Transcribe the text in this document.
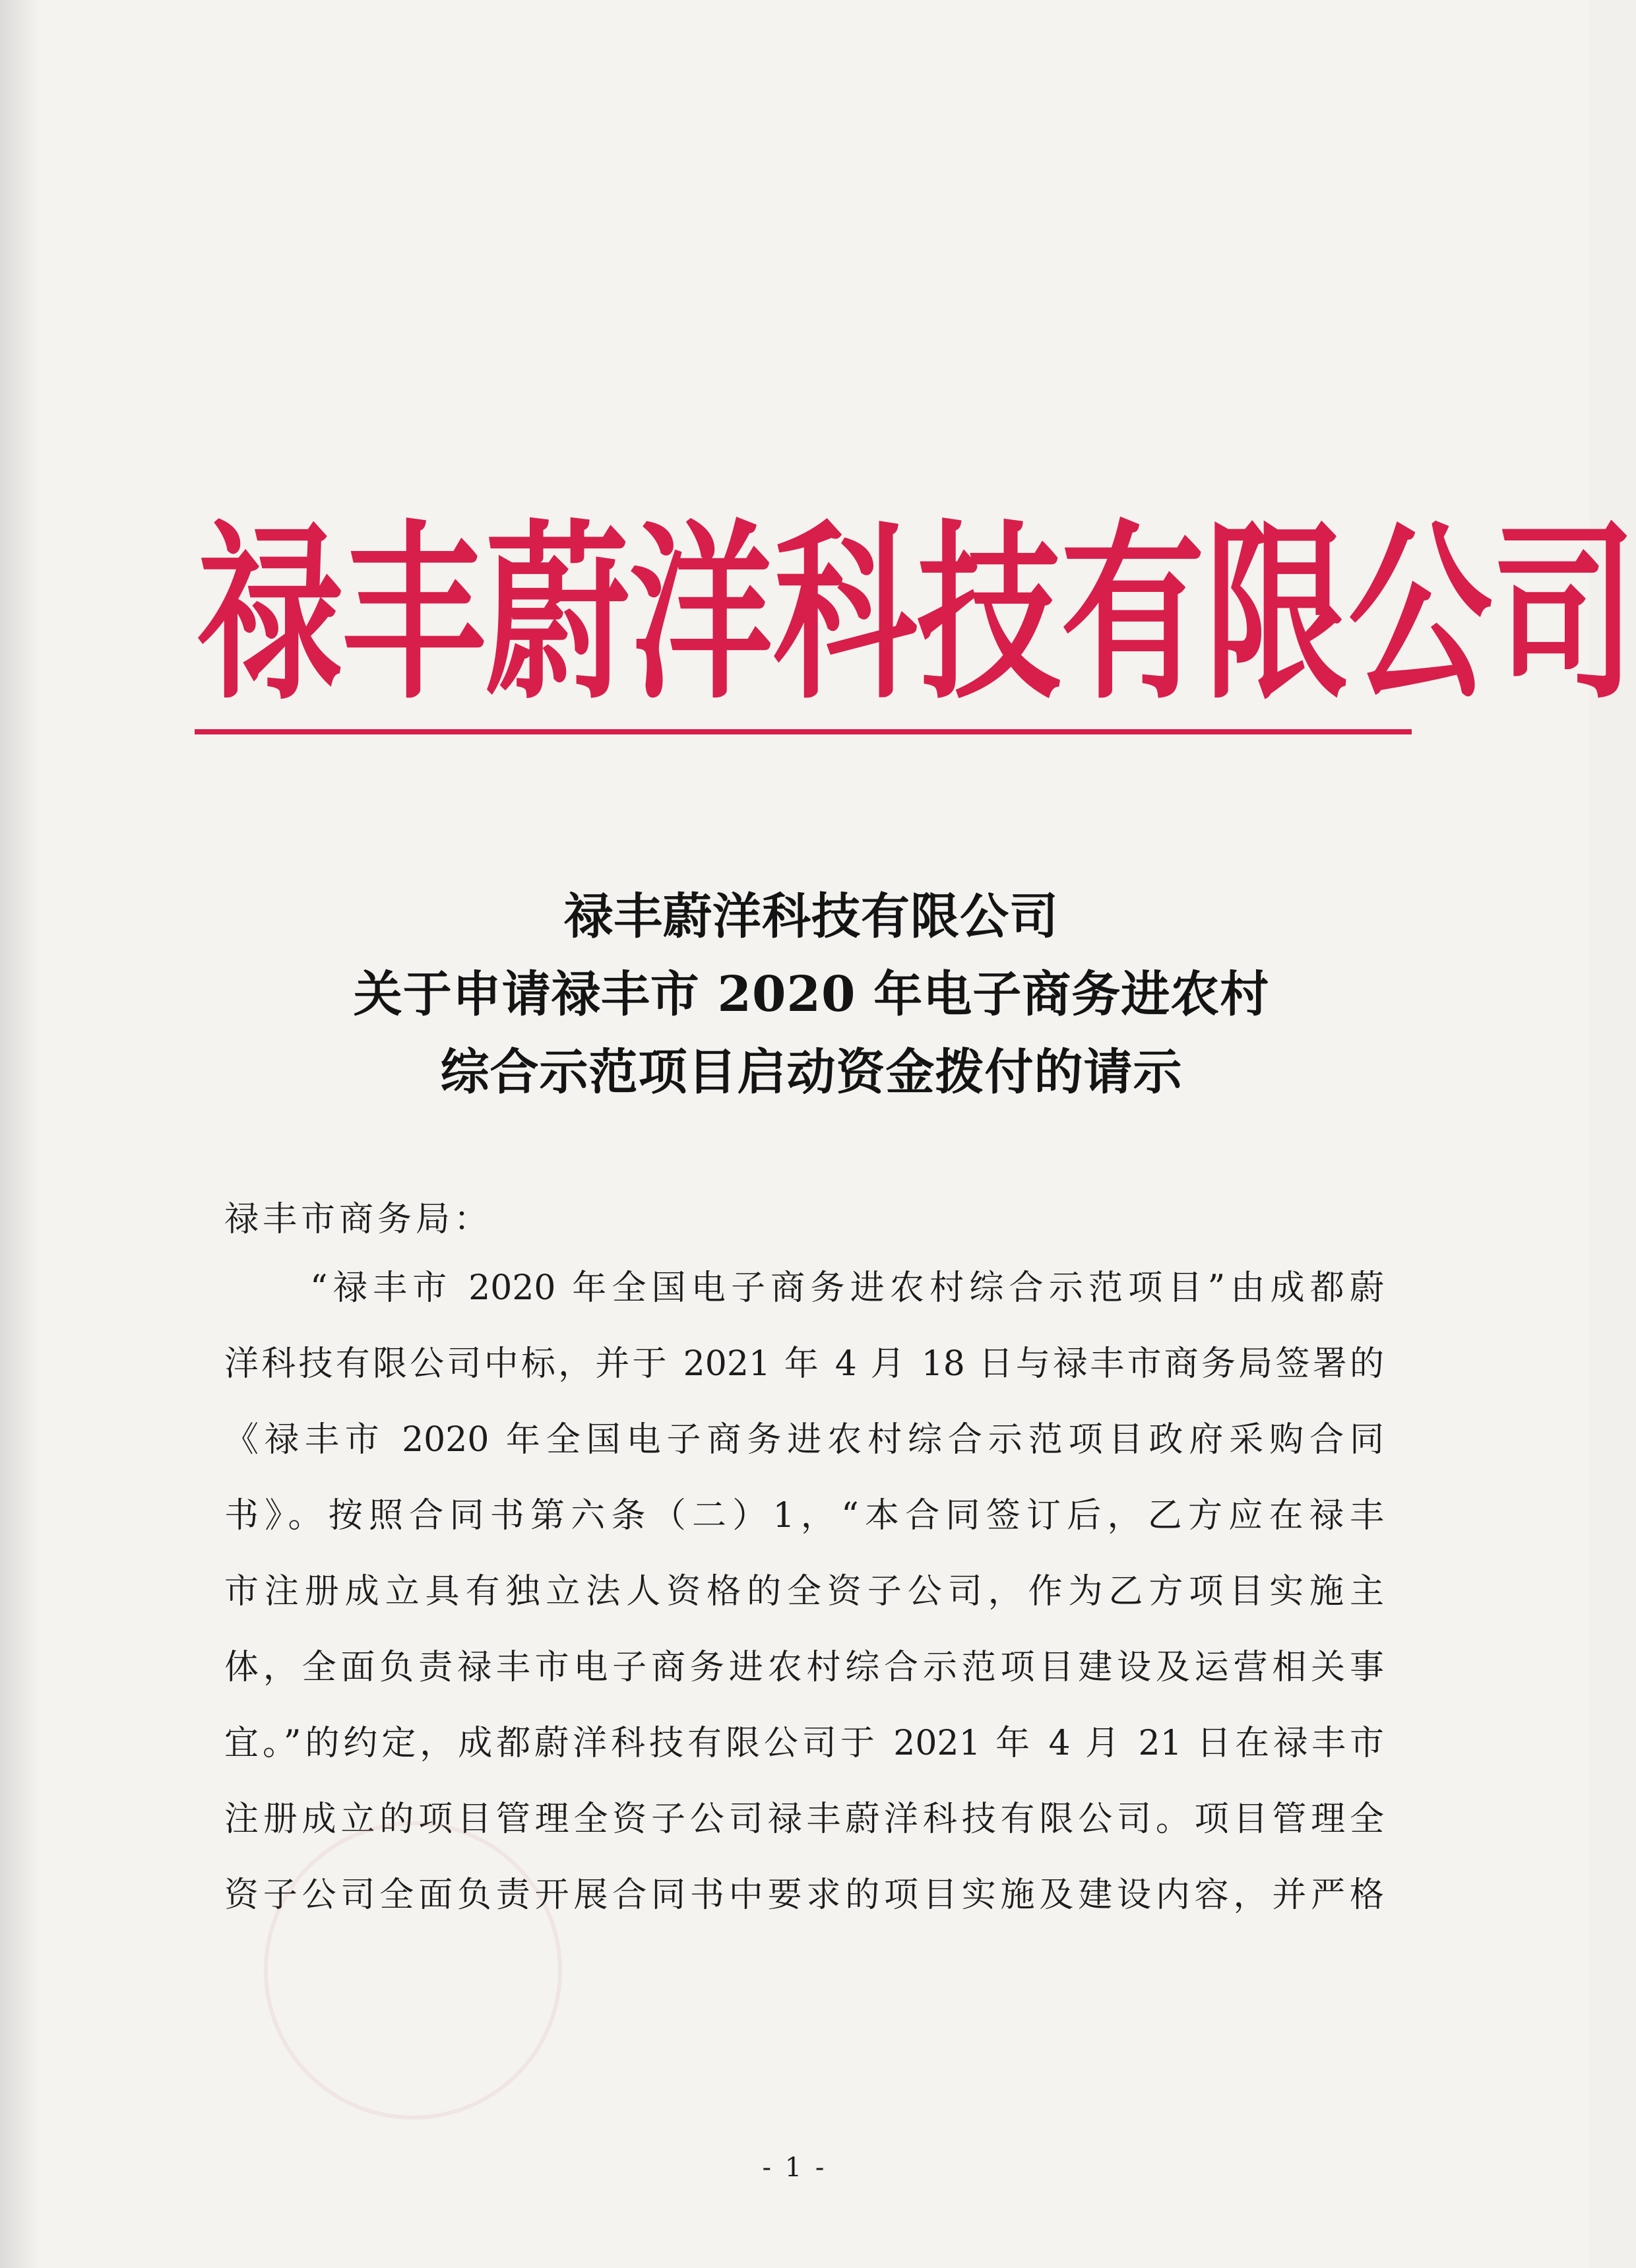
禄 丰 蔚 洋 科 技 有 限 公 司
禄丰蔚洋科技有限公司
关于申请禄丰市 2020 年电子商务进农村
综合示范项目启动资金拨付的请示
禄丰市商务局：
“禄丰市 2020 年全国电子商务进农村综合示范项目”由成都蔚
洋科技有限公司中标，并于 2021 年 4 月 18 日与禄丰市商务局签署的
《禄丰市 2020 年全国电子商务进农村综合示范项目政府采购合同
书》。按照合同书第六条（二）1，“本合同签订后，乙方应在禄丰
市注册成立具有独立法人资格的全资子公司，作为乙方项目实施主
体，全面负责禄丰市电子商务进农村综合示范项目建设及运营相关事
宜。”的约定，成都蔚洋科技有限公司于 2021 年 4 月 21 日在禄丰市
注册成立的项目管理全资子公司禄丰蔚洋科技有限公司。项目管理全
资子公司全面负责开展合同书中要求的项目实施及建设内容，并严格
- 1 -
